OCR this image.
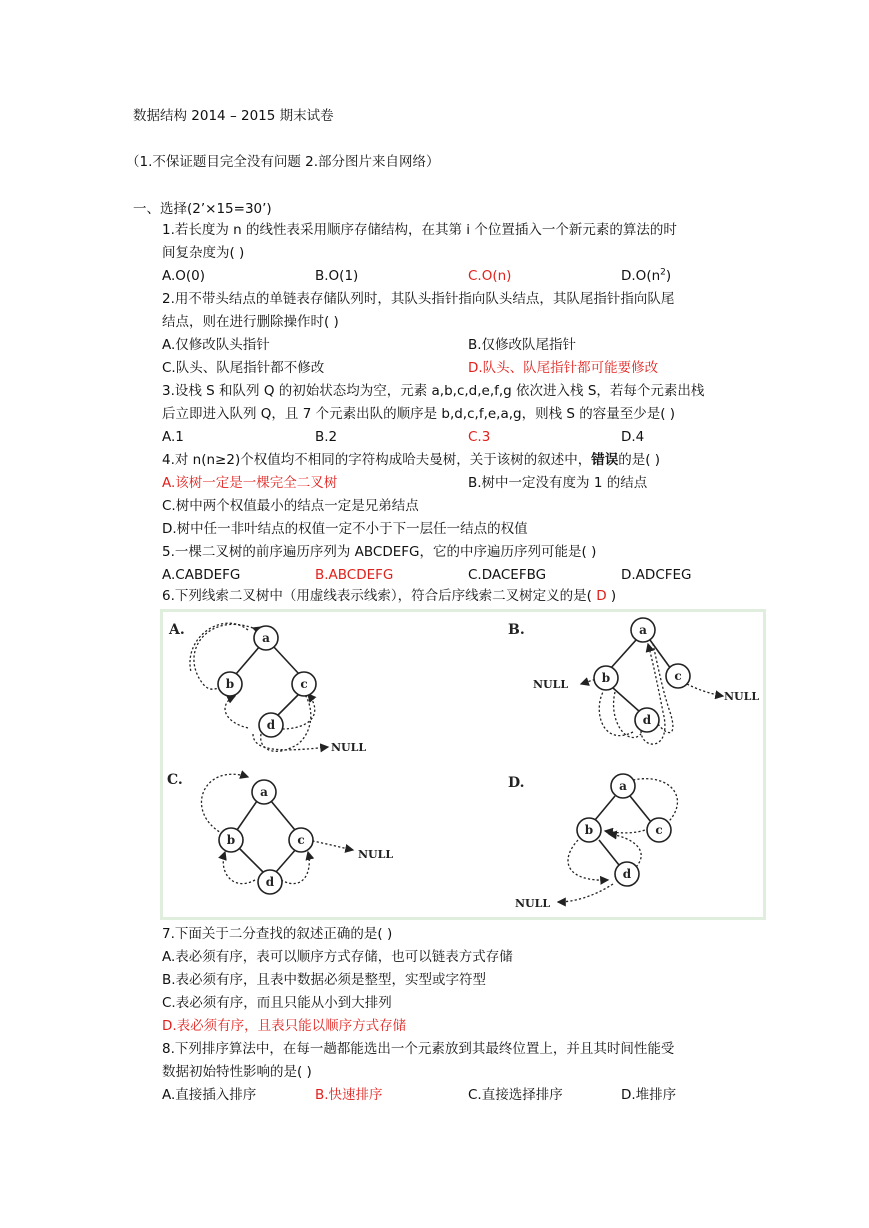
数据结构 2014 – 2015 期末试卷
（1.不保证题目完全没有问题 2.部分图片来自网络）
一、选择(2’×15=30’)
1.若长度为 n 的线性表采用顺序存储结构，在其第 i 个位置插入一个新元素的算法的时
间复杂度为( )
A.O(0)	B.O(1)	C.O(n)	$D.O(n^2)$
2.用不带头结点的单链表存储队列时，其队头指针指向队头结点，其队尾指针指向队尾
结点，则在进行删除操作时( )
A.仅修改队头指针	B.仅修改队尾指针
C.队头、队尾指针都不修改	D.队头、队尾指针都可能要修改
3.设栈 S 和队列 Q 的初始状态均为空，元素 a,b,c,d,e,f,g 依次进入栈 S，若每个元素出栈
后立即进入队列 Q，且 7 个元素出队的顺序是 b,d,c,f,e,a,g，则栈 S 的容量至少是( )
A.1	B.2	C.3	D.4
4.对 n(n≥2)个权值均不相同的字符构成哈夫曼树，关于该树的叙述中，错误的是( )
A.该树一定是一棵完全二叉树	B.树中一定没有度为 1 的结点
C.树中两个权值最小的结点一定是兄弟结点
D.树中任一非叶结点的权值一定不小于下一层任一结点的权值
5.一棵二叉树的前序遍历序列为 ABCDEFG，它的中序遍历序列可能是( )
A.CABDEFG	B.ABCDEFG	C.DACEFBG	D.ADCFEG
6.下列线索二叉树中（用虚线表示线索），符合后序线索二叉树定义的是( D )
A.	a
b	c
d
NULL
B.	a
b	c
d
NULL
NULL
C.
a
b	c
d
NULL
D.	a
b	c
d
NULL
7.下面关于二分查找的叙述正确的是( )
A.表必须有序，表可以顺序方式存储，也可以链表方式存储
B.表必须有序，且表中数据必须是整型，实型或字符型
C.表必须有序，而且只能从小到大排列
D.表必须有序，且表只能以顺序方式存储
8.下列排序算法中，在每一趟都能选出一个元素放到其最终位置上，并且其时间性能受
数据初始特性影响的是( )
A.直接插入排序	B.快速排序	C.直接选择排序	D.堆排序
